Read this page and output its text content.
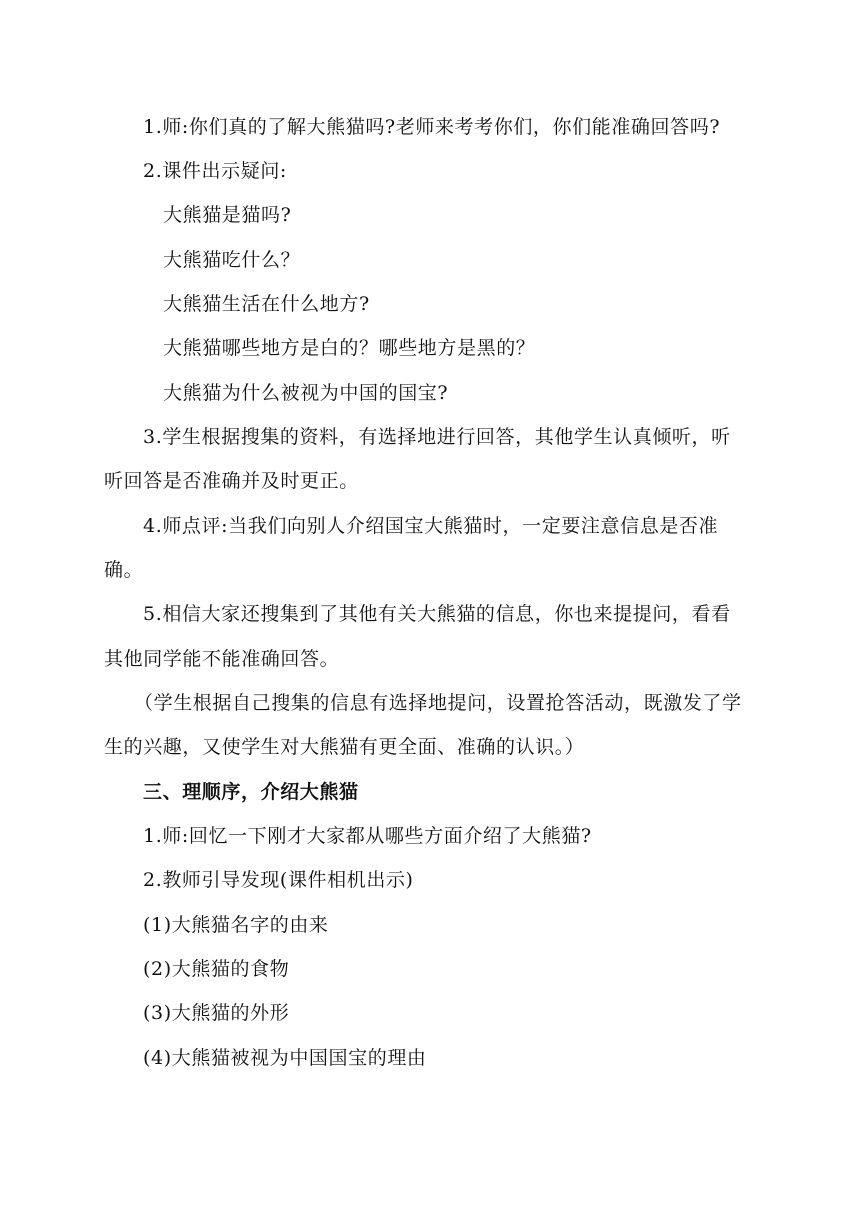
1.师:你们真的了解大熊猫吗?老师来考考你们，你们能准确回答吗?
2.课件出示疑问:
大熊猫是猫吗?
大熊猫吃什么？
大熊猫生活在什么地方?
大熊猫哪些地方是白的？哪些地方是黑的？
大熊猫为什么被视为中国的国宝?
3.学生根据搜集的资料，有选择地进行回答，其他学生认真倾听，听
听回答是否准确并及时更正。
4.师点评:当我们向别人介绍国宝大熊猫时，一定要注意信息是否准
确。
5.相信大家还搜集到了其他有关大熊猫的信息，你也来提提问，看看
其他同学能不能准确回答。
（学生根据自己搜集的信息有选择地提问，设置抢答活动，既激发了学
生的兴趣，又使学生对大熊猫有更全面、准确的认识。）
三、理顺序，介绍大熊猫
1.师:回忆一下刚才大家都从哪些方面介绍了大熊猫?
2.教师引导发现(课件相机出示)
(1)大熊猫名字的由来
(2)大熊猫的食物
(3)大熊猫的外形
(4)大熊猫被视为中国国宝的理由
